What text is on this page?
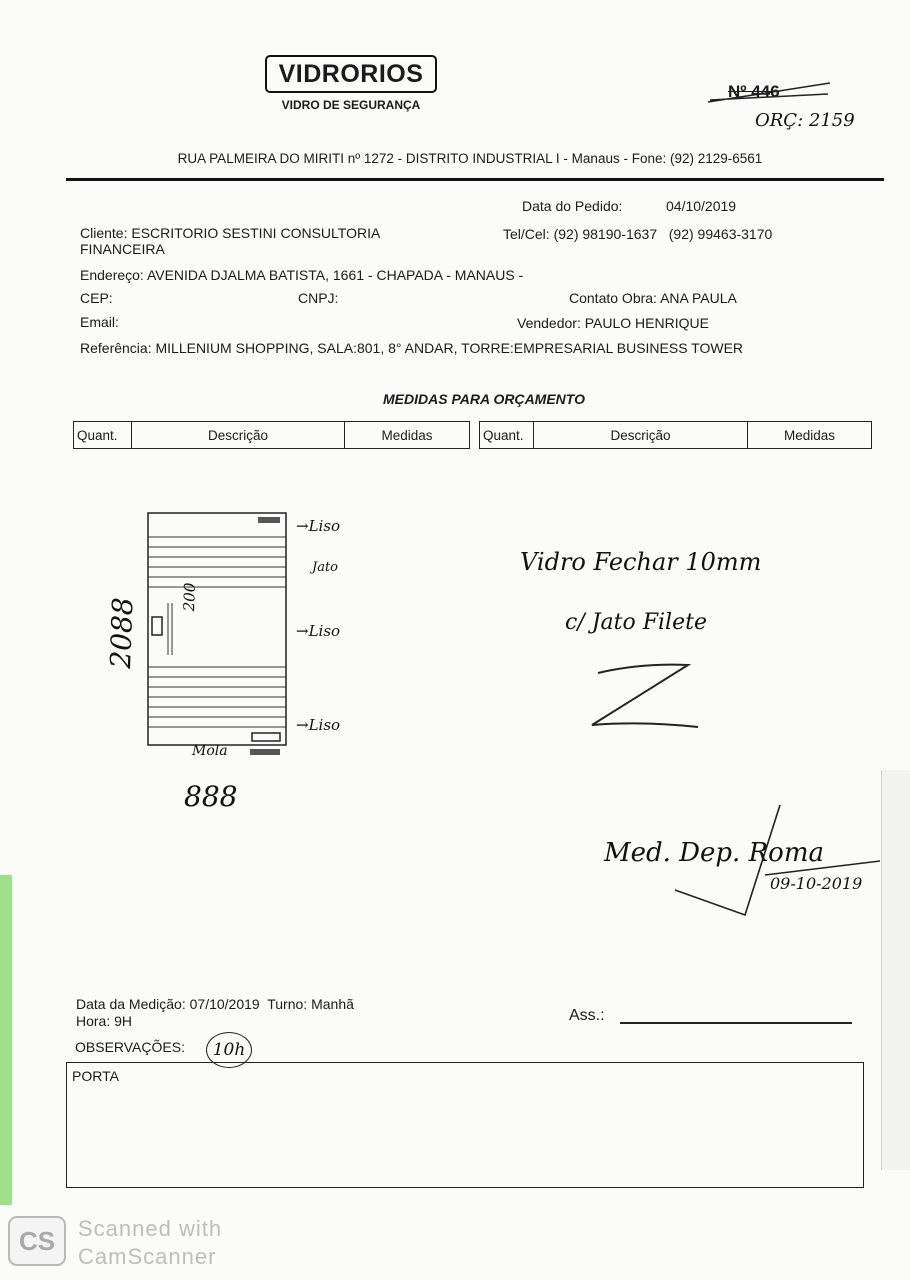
VIDRORIOS
VIDRO DE SEGURANÇA
Nº 446
ORÇ: 2159
RUA PALMEIRA DO MIRITI nº 1272 - DISTRITO INDUSTRIAL I - Manaus - Fone: (92) 2129-6561
Data do Pedido:	04/10/2019
Cliente: ESCRITORIO SESTINI CONSULTORIA
FINANCEIRA
Tel/Cel: (92) 98190-1637   (92) 99463-3170
Endereço: AVENIDA DJALMA BATISTA, 1661 - CHAPADA - MANAUS -
CEP:	CNPJ:	Contato Obra: ANA PAULA
Email:	Vendedor: PAULO HENRIQUE
Referência: MILLENIUM SHOPPING, SALA:801, 8° ANDAR, TORRE:EMPRESARIAL BUSINESS TOWER
MEDIDAS PARA ORÇAMENTO
Quant.	Descrição	Medidas	Quant.	Descrição	Medidas
→Liso
Jato
→Liso
→Liso
Mola
2088	200
888
Vidro Fechar 10mm
c/ Jato Filete
Med. Dep. Roma
09-10-2019
Data da Medição: 07/10/2019 Turno: Manhã
Hora: 9H	Ass.:
OBSERVAÇÕES:	10h
PORTA
CS	Scanned with
CamScanner
